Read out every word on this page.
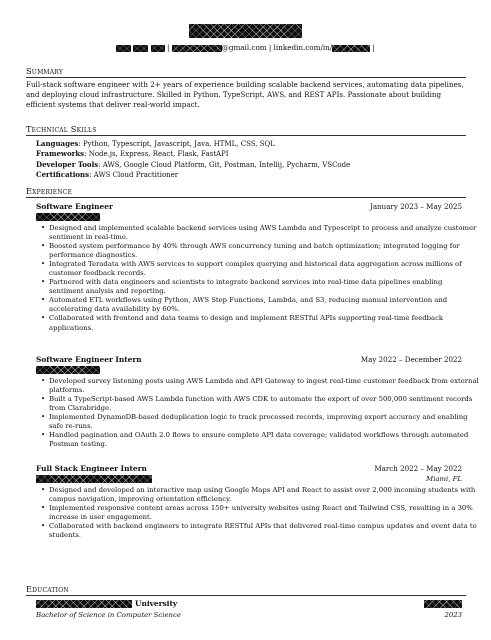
|	@gmail.com | linkedin.com/in/	|
Summary
Full-stack software engineer with 2+ years of experience building scalable backend services, automating data pipelines, and deploying cloud infrastructure. Skilled in Python, TypeScript, AWS, and REST APIs. Passionate about building efficient systems that deliver real-world impact.
Technical Skills
Languages: Python, Typescript, Javascript, Java, HTML, CSS, SQL
Frameworks: Node.js, Express, React, Flask, FastAPI
Developer Tools: AWS, Google Cloud Platform, Git, Postman, Intellij, Pycharm, VSCode
Certifications: AWS Cloud Practitioner
Experience
Software Engineer	January 2023 – May 2025
• Designed and implemented scalable backend services using AWS Lambda and Typescript to process and analyze customer sentiment in real-time.
• Boosted system performance by 40% through AWS concurrency tuning and batch optimization; integrated logging for performance diagnostics.
• Integrated Teradata with AWS services to support complex querying and historical data aggregation across millions of customer feedback records.
• Partnered with data engineers and scientists to integrate backend services into real-time data pipelines enabling sentiment analysis and reporting.
• Automated ETL workflows using Python, AWS Step Functions, Lambda, and S3, reducing manual intervention and accelerating data availability by 60%.
• Collaborated with frontend and data teams to design and implement RESTful APIs supporting real-time feedback applications.
Software Engineer Intern	May 2022 – December 2022
• Developed survey listening posts using AWS Lambda and API Gateway to ingest real-time customer feedback from external platforms.
• Built a TypeScript-based AWS Lambda function with AWS CDK to automate the export of over 500,000 sentiment records from Clarabridge.
• Implemented DynamoDB-based deduplication logic to track processed records, improving export accuracy and enabling safe re-runs.
• Handled pagination and OAuth 2.0 flows to ensure complete API data coverage; validated workflows through automated Postman testing.
Full Stack Engineer Intern	March 2022 – May 2022
Miami, FL
• Designed and developed an interactive map using Google Maps API and React to assist over 2,000 incoming students with campus navigation, improving orientation efficiency.
• Implemented responsive content areas across 150+ university websites using React and Tailwind CSS, resulting in a 30% increase in user engagement.
• Collaborated with backend engineers to integrate RESTful APIs that delivered real-time campus updates and event data to students.
Education
University
Bachelor of Science in Computer Science	2023
